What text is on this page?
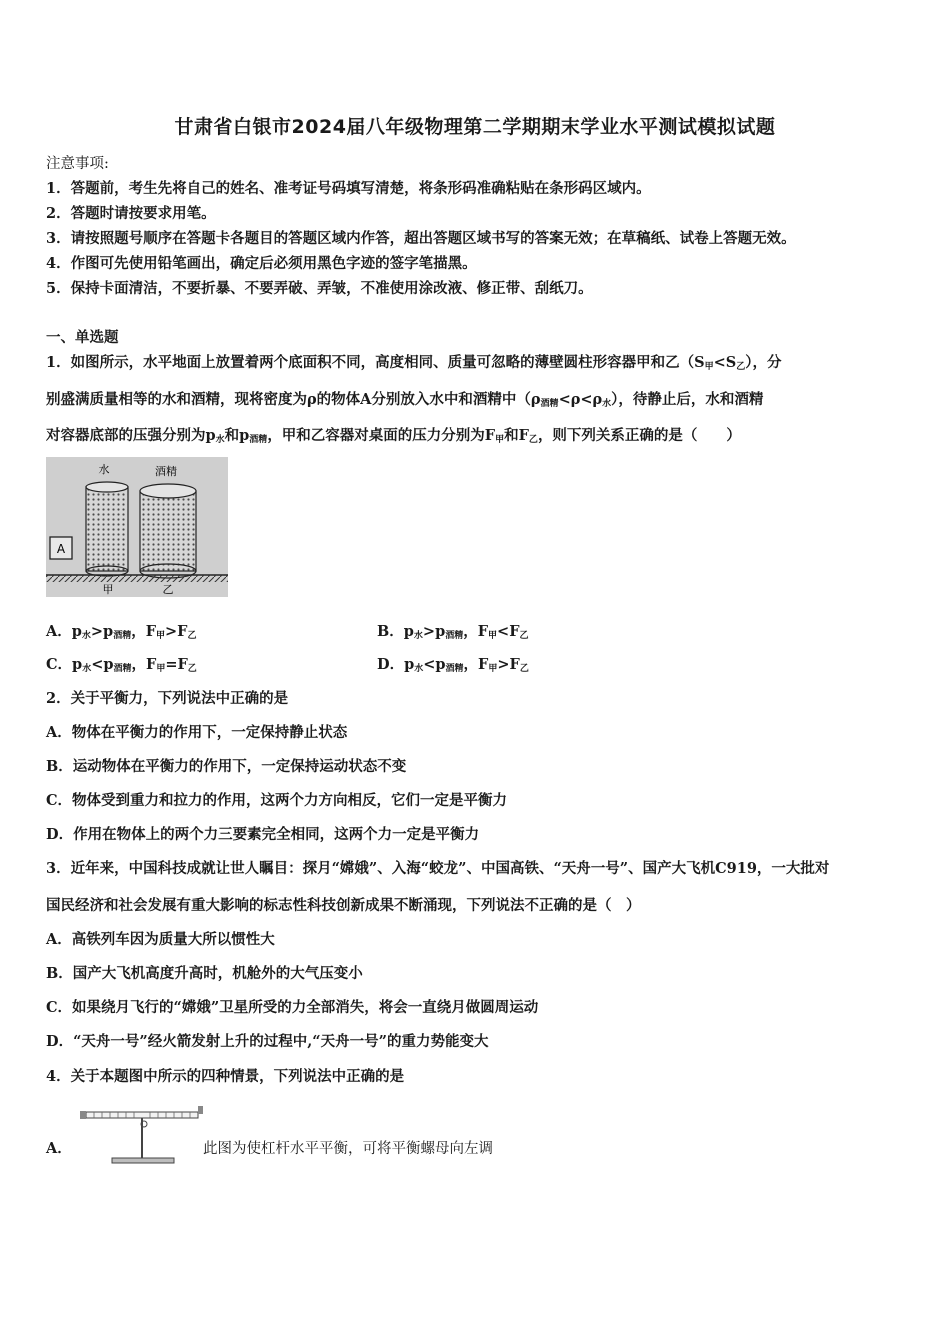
甘肃省白银市2024届八年级物理第二学期期末学业水平测试模拟试题
注意事项:
1．答题前，考生先将自己的姓名、准考证号码填写清楚，将条形码准确粘贴在条形码区域内。
2．答题时请按要求用笔。
3．请按照题号顺序在答题卡各题目的答题区域内作答，超出答题区域书写的答案无效；在草稿纸、试卷上答题无效。
4．作图可先使用铅笔画出，确定后必须用黑色字迹的签字笔描黑。
5．保持卡面清洁，不要折暴、不要弄破、弄皱，不准使用涂改液、修正带、刮纸刀。
一、单选题
1．如图所示，水平地面上放置着两个底面积不同，高度相同、质量可忽略的薄壁圆柱形容器甲和乙$(S_甲<S_乙)$，分
别盛满质量相等的水和酒精，现将密度为ρ的物体A分别放入水中和酒精中$(\rho_{酒精}<\rho<\rho_水)$，待静止后，水和酒精
对容器底部的压强分别为$p_水$和$p_{酒精}$，甲和乙容器对桌面的压力分别为$F_甲$和$F_乙$，则下列关系正确的是（　　）
A
水	酒精
甲	乙
A．$p_水>p_{酒精}$，$F_甲>F_乙$	B．$p_水>p_{酒精}$，$F_甲<F_乙$
C．$p_水<p_{酒精}$，$F_甲=F_乙$	D．$p_水<p_{酒精}$，$F_甲>F_乙$
2．关于平衡力，下列说法中正确的是
A．物体在平衡力的作用下，一定保持静止状态
B．运动物体在平衡力的作用下，一定保持运动状态不变
C．物体受到重力和拉力的作用，这两个力方向相反，它们一定是平衡力
D．作用在物体上的两个力三要素完全相同，这两个力一定是平衡力
3．近年来，中国科技成就让世人瞩目：探月“嫦娥”、入海“蛟龙”、中国高铁、“天舟一号”、国产大飞机C919，一大批对
国民经济和社会发展有重大影响的标志性科技创新成果不断涌现，下列说法不正确的是（　）
A．高铁列车因为质量大所以惯性大
B．国产大飞机高度升高时，机舱外的大气压变小
C．如果绕月飞行的“嫦娥”卫星所受的力全部消失，将会一直绕月做圆周运动
D．“天舟一号”经火箭发射上升的过程中,“天舟一号”的重力势能变大
4．关于本题图中所示的四种情景，下列说法中正确的是
A．	此图为使杠杆水平平衡，可将平衡螺母向左调
